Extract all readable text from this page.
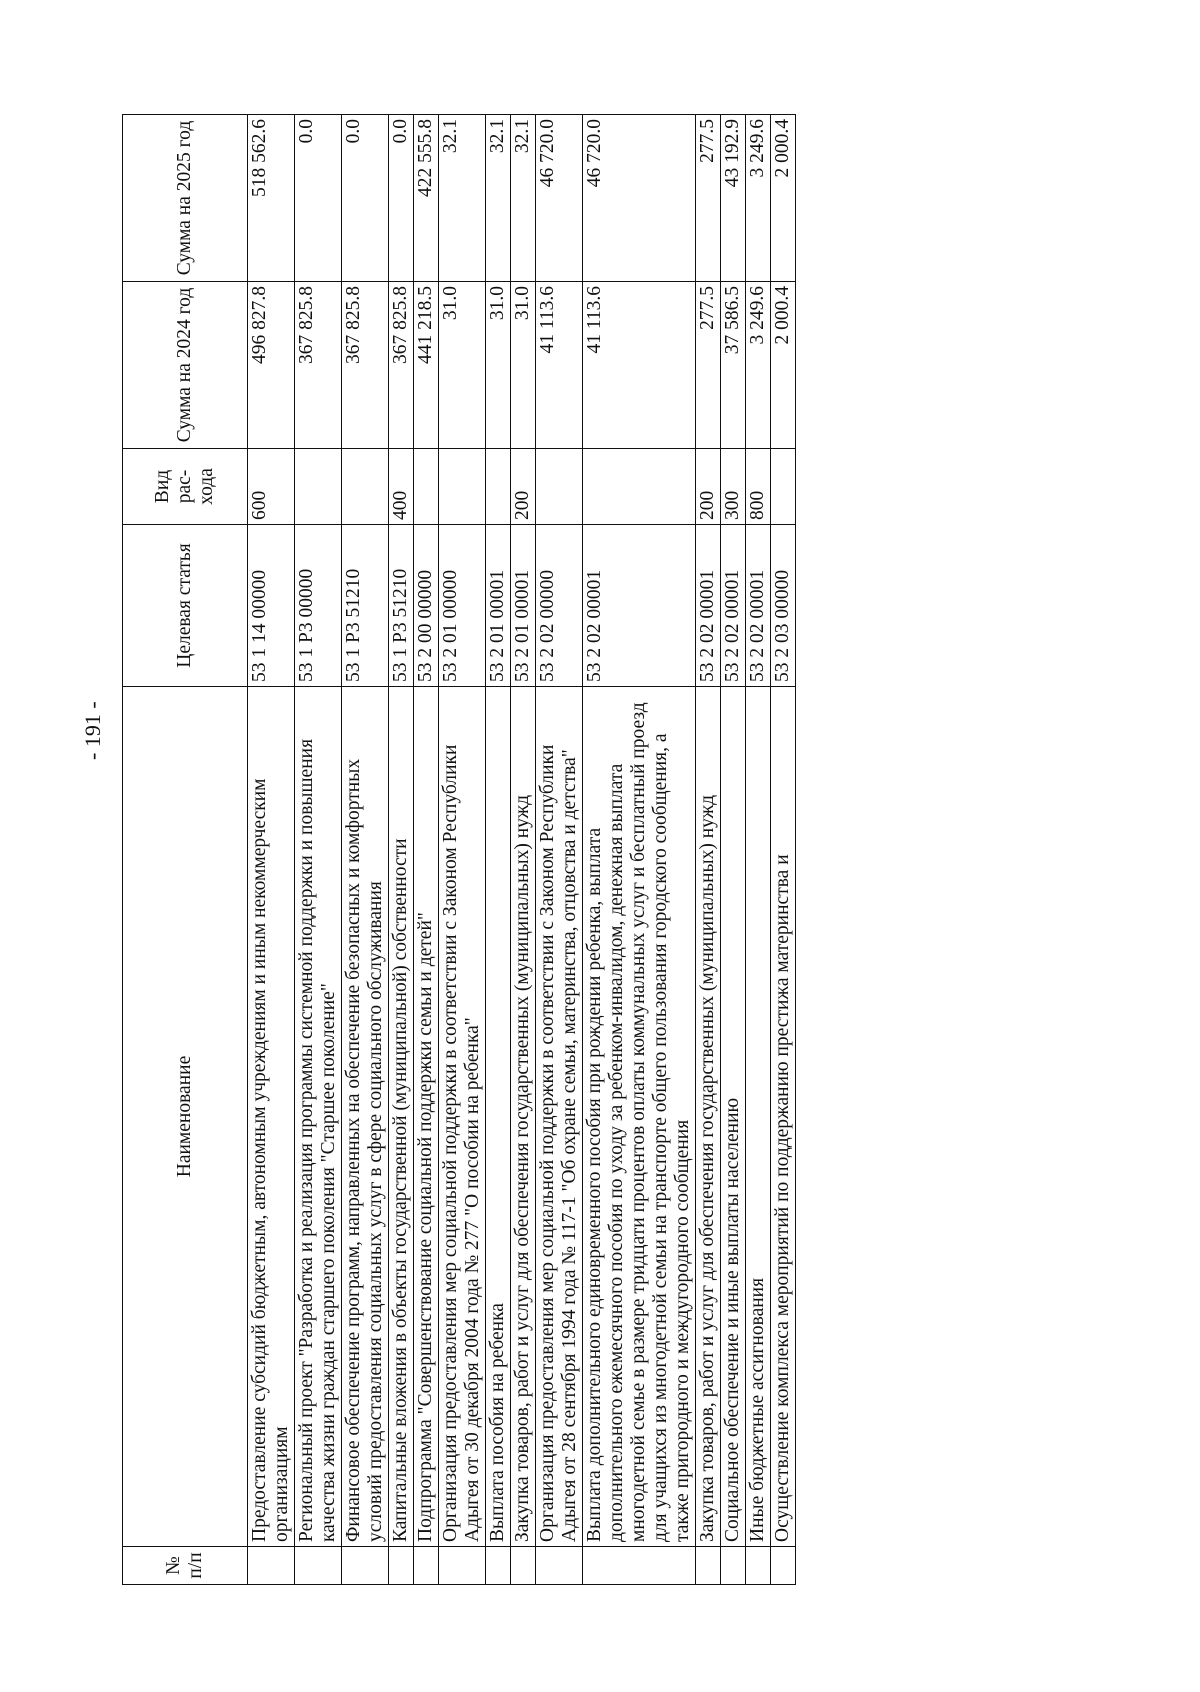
- 191 -
№ п/п	Наименование	Целевая статья	Вид рас-хода	Сумма на 2024 год	Сумма на 2025 год
	Предоставление субсидий бюджетным, автономным учреждениям и иным некоммерческим организациям	53 1 14 00000	600	496 827.8	518 562.6
	Региональный проект "Разработка и реализация программы системной поддержки и повышения качества жизни граждан старшего поколения "Старшее поколение"	53 1 P3 00000		367 825.8	0.0
	Финансовое обеспечение программ, направленных на обеспечение безопасных и комфортных условий предоставления социальных услуг в сфере социального обслуживания	53 1 P3 51210		367 825.8	0.0
	Капитальные вложения в объекты государственной (муниципальной) собственности	53 1 P3 51210	400	367 825.8	0.0
	Подпрограмма "Совершенствование социальной поддержки семьи и детей"	53 2 00 00000		441 218.5	422 555.8
	Организация предоставления мер социальной поддержки в соответствии с Законом Республики Адыгея от 30 декабря 2004 года № 277 "О пособии на ребенка"	53 2 01 00000		31.0	32.1
	Выплата пособия на ребенка	53 2 01 00001		31.0	32.1
	Закупка товаров, работ и услуг для обеспечения государственных (муниципальных) нужд	53 2 01 00001	200	31.0	32.1
	Организация предоставления мер социальной поддержки в соответствии с Законом Республики Адыгея от 28 сентября 1994 года № 117-1 "Об охране семьи, материнства, отцовства и детства"	53 2 02 00000		41 113.6	46 720.0
	Выплата дополнительного единовременного пособия при рождении ребенка, выплата дополнительного ежемесячного пособия по уходу за ребенком-инвалидом, денежная выплата многодетной семье в размере тридцати процентов оплаты коммунальных услуг и бесплатный проезд для учащихся из многодетной семьи на транспорте общего пользования городского сообщения, а также пригородного и междугородного сообщения	53 2 02 00001		41 113.6	46 720.0
	Закупка товаров, работ и услуг для обеспечения государственных (муниципальных) нужд	53 2 02 00001	200	277.5	277.5
	Социальное обеспечение и иные выплаты населению	53 2 02 00001	300	37 586.5	43 192.9
	Иные бюджетные ассигнования	53 2 02 00001	800	3 249.6	3 249.6
	Осуществление комплекса мероприятий по поддержанию престижа материнства и	53 2 03 00000		2 000.4	2 000.4
